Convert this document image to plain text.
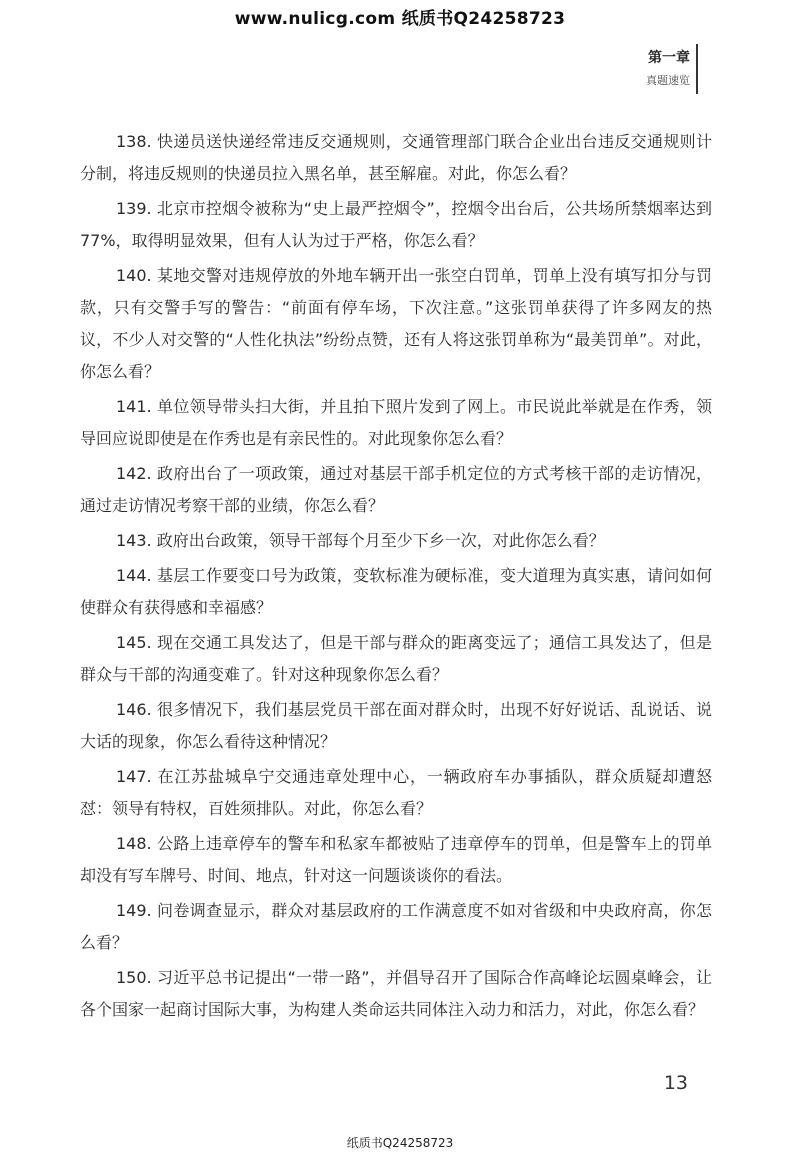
www.nulicg.com 纸质书Q24258723
第一章
真题速览

138. 快递员送快递经常违反交通规则，交通管理部门联合企业出台违反交通规则计分制，将违反规则的快递员拉入黑名单，甚至解雇。对此，你怎么看？

139. 北京市控烟令被称为“史上最严控烟令”，控烟令出台后，公共场所禁烟率达到 77%，取得明显效果，但有人认为过于严格，你怎么看？

140. 某地交警对违规停放的外地车辆开出一张空白罚单，罚单上没有填写扣分与罚款，只有交警手写的警告：“前面有停车场，下次注意。”这张罚单获得了许多网友的热议，不少人对交警的“人性化执法”纷纷点赞，还有人将这张罚单称为“最美罚单”。对此，你怎么看？

141. 单位领导带头扫大街，并且拍下照片发到了网上。市民说此举就是在作秀，领导回应说即使是在作秀也是有亲民性的。对此现象你怎么看？

142. 政府出台了一项政策，通过对基层干部手机定位的方式考核干部的走访情况，通过走访情况考察干部的业绩，你怎么看？

143. 政府出台政策，领导干部每个月至少下乡一次，对此你怎么看？

144. 基层工作要变口号为政策，变软标准为硬标准，变大道理为真实惠，请问如何使群众有获得感和幸福感？

145. 现在交通工具发达了，但是干部与群众的距离变远了；通信工具发达了，但是群众与干部的沟通变难了。针对这种现象你怎么看？

146. 很多情况下，我们基层党员干部在面对群众时，出现不好好说话、乱说话、说大话的现象，你怎么看待这种情况？

147. 在江苏盐城阜宁交通违章处理中心，一辆政府车办事插队，群众质疑却遭怒怼：领导有特权，百姓须排队。对此，你怎么看？

148. 公路上违章停车的警车和私家车都被贴了违章停车的罚单，但是警车上的罚单却没有写车牌号、时间、地点，针对这一问题谈谈你的看法。

149. 问卷调查显示，群众对基层政府的工作满意度不如对省级和中央政府高，你怎么看？

150. 习近平总书记提出“一带一路”，并倡导召开了国际合作高峰论坛圆桌峰会，让各个国家一起商讨国际大事，为构建人类命运共同体注入动力和活力，对此，你怎么看？

13
纸质书Q24258723
